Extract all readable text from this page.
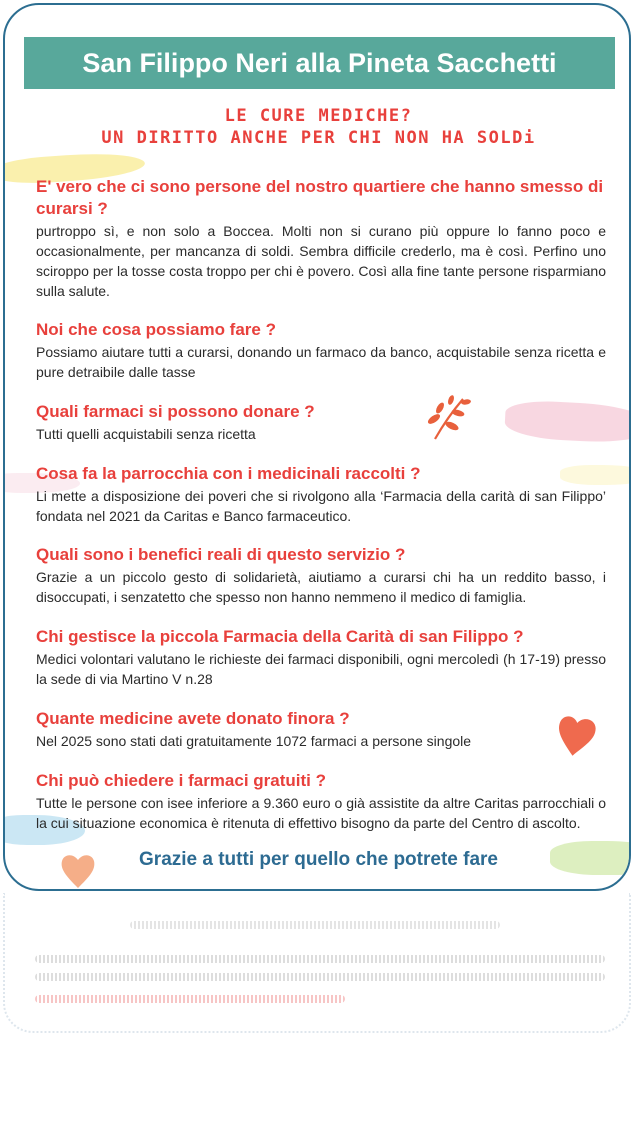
San Filippo Neri alla Pineta Sacchetti
LE CURE MEDICHE?
UN DIRITTO ANCHE PER CHI NON HA SOLDi

E' vero che ci sono persone del nostro quartiere che hanno smesso di curarsi ?

purtroppo sì, e non solo a Boccea. Molti non si curano più oppure lo fanno poco e occasionalmente, per mancanza di soldi. Sembra difficile crederlo, ma è così. Perfino uno sciroppo per la tosse costa troppo per chi è povero. Così alla fine tante persone risparmiano sulla salute.

Noi che cosa possiamo fare ?

Possiamo aiutare tutti a curarsi, donando un farmaco da banco, acquistabile senza ricetta e pure detraibile dalle tasse

Quali farmaci si possono donare ?

Tutti quelli acquistabili senza ricetta

Cosa fa la parrocchia con i medicinali raccolti ?

Li mette a disposizione dei poveri che si rivolgono alla ‘Farmacia della carità di san Filippo’ fondata nel 2021 da Caritas e Banco farmaceutico.

Quali sono i benefici reali di questo servizio ?

Grazie a un piccolo gesto di solidarietà, aiutiamo a curarsi chi ha un reddito basso, i disoccupati, i senzatetto che spesso non hanno nemmeno il medico di famiglia.

Chi gestisce la piccola Farmacia della Carità di san Filippo ?

Medici volontari valutano le richieste dei farmaci disponibili, ogni mercoledì (h 17-19) presso la sede di via Martino V n.28

Quante medicine avete donato finora ?

Nel 2025 sono stati dati gratuitamente 1072 farmaci a persone singole

Chi può chiedere i farmaci gratuiti ?

Tutte le persone con isee inferiore a 9.360 euro o già assistite da altre Caritas parrocchiali o la cui situazione economica è ritenuta di effettivo bisogno da parte del Centro di ascolto.

Grazie a tutti per quello che potrete fare
